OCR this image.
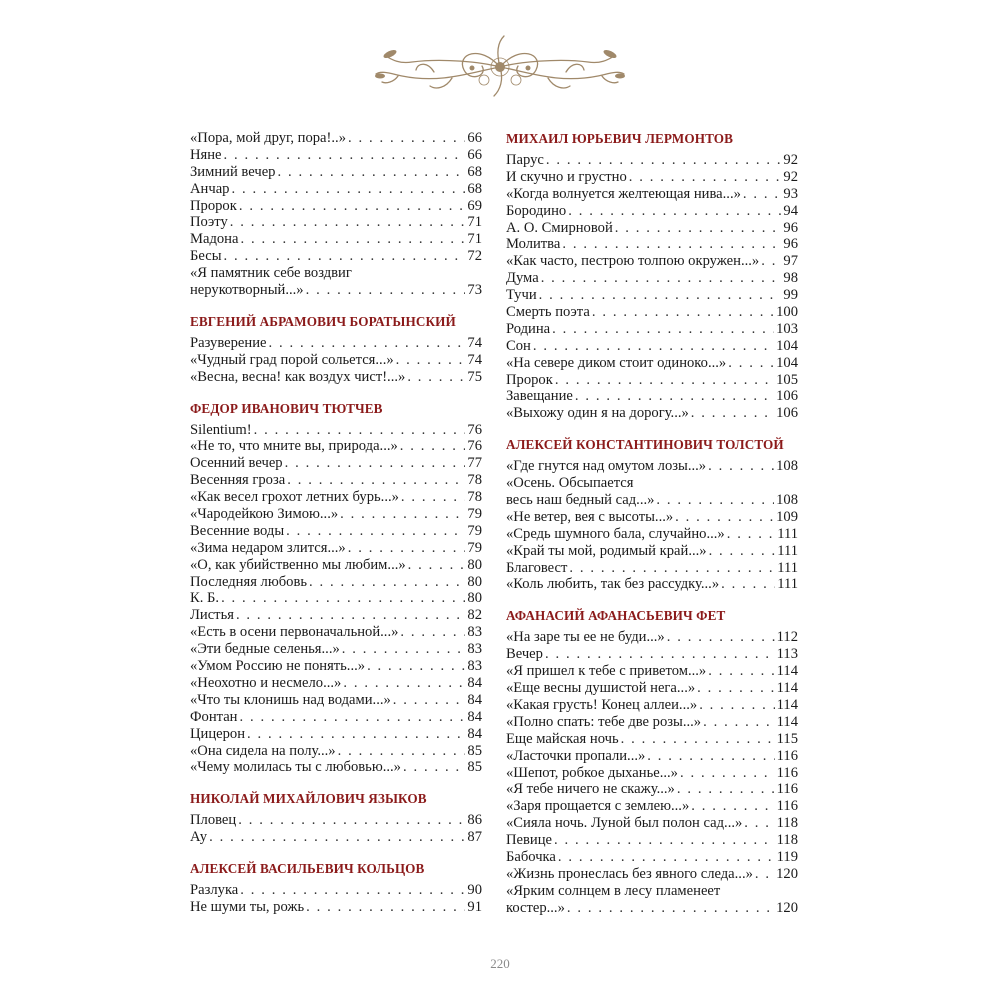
«Пора, мой друг, пора!..» . . .	66
Няне . . .	66
Зимний вечер . . .	68
Анчар . . .	68
Пророк . . .	69
Поэту . . .	71
Мадона . . .	71
Бесы . . .	72
«Я памятник себе воздвиг
нерукотворный...» . . .	73
ЕВГЕНИЙ АБРАМОВИЧ БОРАТЫНСКИЙ
Разуверение . . .	74
«Чудный град порой сольется...» . . .	74
«Весна, весна! как воздух чист!...» . . .	75
ФЕДОР ИВАНОВИЧ ТЮТЧЕВ
Silentium! . . .	76
«Не то, что мните вы, природа...» . . .	76
Осенний вечер . . .	77
Весенняя гроза . . .	78
«Как весел грохот летних бурь...» . . .	78
«Чародейкою Зимою...» . . .	79
Весенние воды . . .	79
«Зима недаром злится...» . . .	79
«О, как убийственно мы любим...» . . .	80
Последняя любовь . . .	80
К. Б. . . .	80
Листья . . .	82
«Есть в осени первоначальной...» . . .	83
«Эти бедные селенья...» . . .	83
«Умом Россию не понять...» . . .	83
«Неохотно и несмело...» . . .	84
«Что ты клонишь над водами...» . . .	84
Фонтан . . .	84
Цицерон . . .	84
«Она сидела на полу...» . . .	85
«Чему молилась ты с любовью...» . . .	85
НИКОЛАЙ МИХАЙЛОВИЧ ЯЗЫКОВ
Пловец . . .	86
Ау . . .	87
АЛЕКСЕЙ ВАСИЛЬЕВИЧ КОЛЬЦОВ
Разлука . . .	90
Не шуми ты, рожь . . .	91
МИХАИЛ ЮРЬЕВИЧ ЛЕРМОНТОВ
Парус . . .	92
И скучно и грустно . . .	92
«Когда волнуется желтеющая нива...» . . .	93
Бородино . . .	94
А. О. Смирновой . . .	96
Молитва . . .	96
«Как часто, пестрою толпою окружен...» . . . 97
Дума . . .	98
Тучи . . .	99
Смерть поэта . . .	100
Родина . . .	103
Сон . . .	104
«На севере диком стоит одиноко...» . . .	104
Пророк . . .	105
Завещание . . .	106
«Выхожу один я на дорогу...» . . .	106
АЛЕКСЕЙ КОНСТАНТИНОВИЧ ТОЛСТОЙ
«Где гнутся над омутом лозы...» . . .	108
«Осень. Обсыпается
весь наш бедный сад...» . . .	108
«Не ветер, вея с высоты...» . . .	109
«Средь шумного бала, случайно...» . . .	111
«Край ты мой, родимый край...» . . .	111
Благовест . . .	111
«Коль любить, так без рассудку...» . . .	111
АФАНАСИЙ АФАНАСЬЕВИЧ ФЕТ
«На заре ты ее не буди...» . . .	112
Вечер . . .	113
«Я пришел к тебе с приветом...» . . .	114
«Еще весны душистой нега...» . . .	114
«Какая грусть! Конец аллеи...» . . .	114
«Полно спать: тебе две розы...» . . .	114
Еще майская ночь . . .	115
«Ласточки пропали...» . . .	116
«Шепот, робкое дыханье...» . . .	116
«Я тебе ничего не скажу...» . . .	116
«Заря прощается с землею...» . . .	116
«Сияла ночь. Луной был полон сад...» . . . 118
Певице . . .	118
Бабочка . . .	119
«Жизнь пронеслась без явного следа...» . . . 120
«Ярким солнцем в лесу пламенеет
костер...» . . .	120
220
